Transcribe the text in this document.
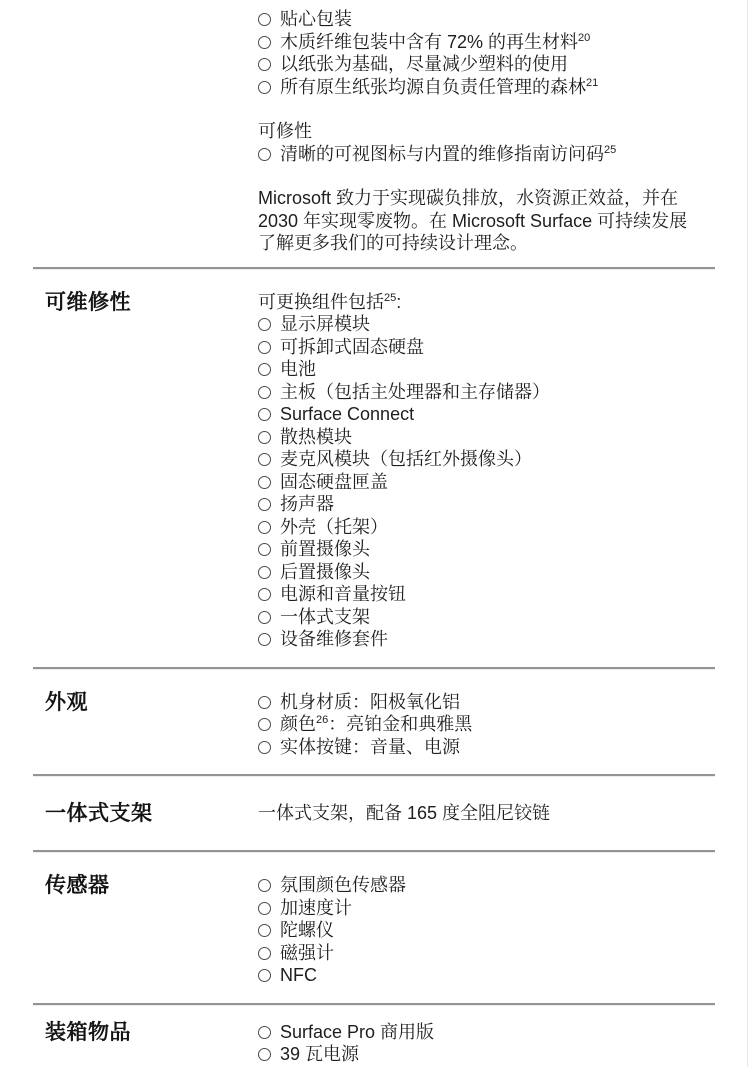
贴心包装
木质纤维包装中含有 72% 的再生材料$^{20}$
以纸张为基础，尽量减少塑料的使用
所有原生纸张均源自负责任管理的森林$^{21}$
可修性
清晰的可视图标与内置的维修指南访问码$^{25}$
Microsoft 致力于实现碳负排放，水资源正效益，并在
2030 年实现零废物。在 Microsoft Surface 可持续发展
了解更多我们的可持续设计理念。
可维修性	可更换组件包括$^{25}$:
显示屏模块
可拆卸式固态硬盘
电池
主板（包括主处理器和主存储器）
Surface Connect
散热模块
麦克风模块（包括红外摄像头）
固态硬盘匣盖
扬声器
外壳（托架）
前置摄像头
后置摄像头
电源和音量按钮
一体式支架
设备维修套件
外观	机身材质：阳极氧化铝
颜色$^{26}$：亮铂金和典雅黑
实体按键：音量、电源
一体式支架	一体式支架，配备 165 度全阻尼铰链
传感器	氛围颜色传感器
加速度计
陀螺仪
磁强计
NFC
装箱物品	Surface Pro 商用版
39 瓦电源
